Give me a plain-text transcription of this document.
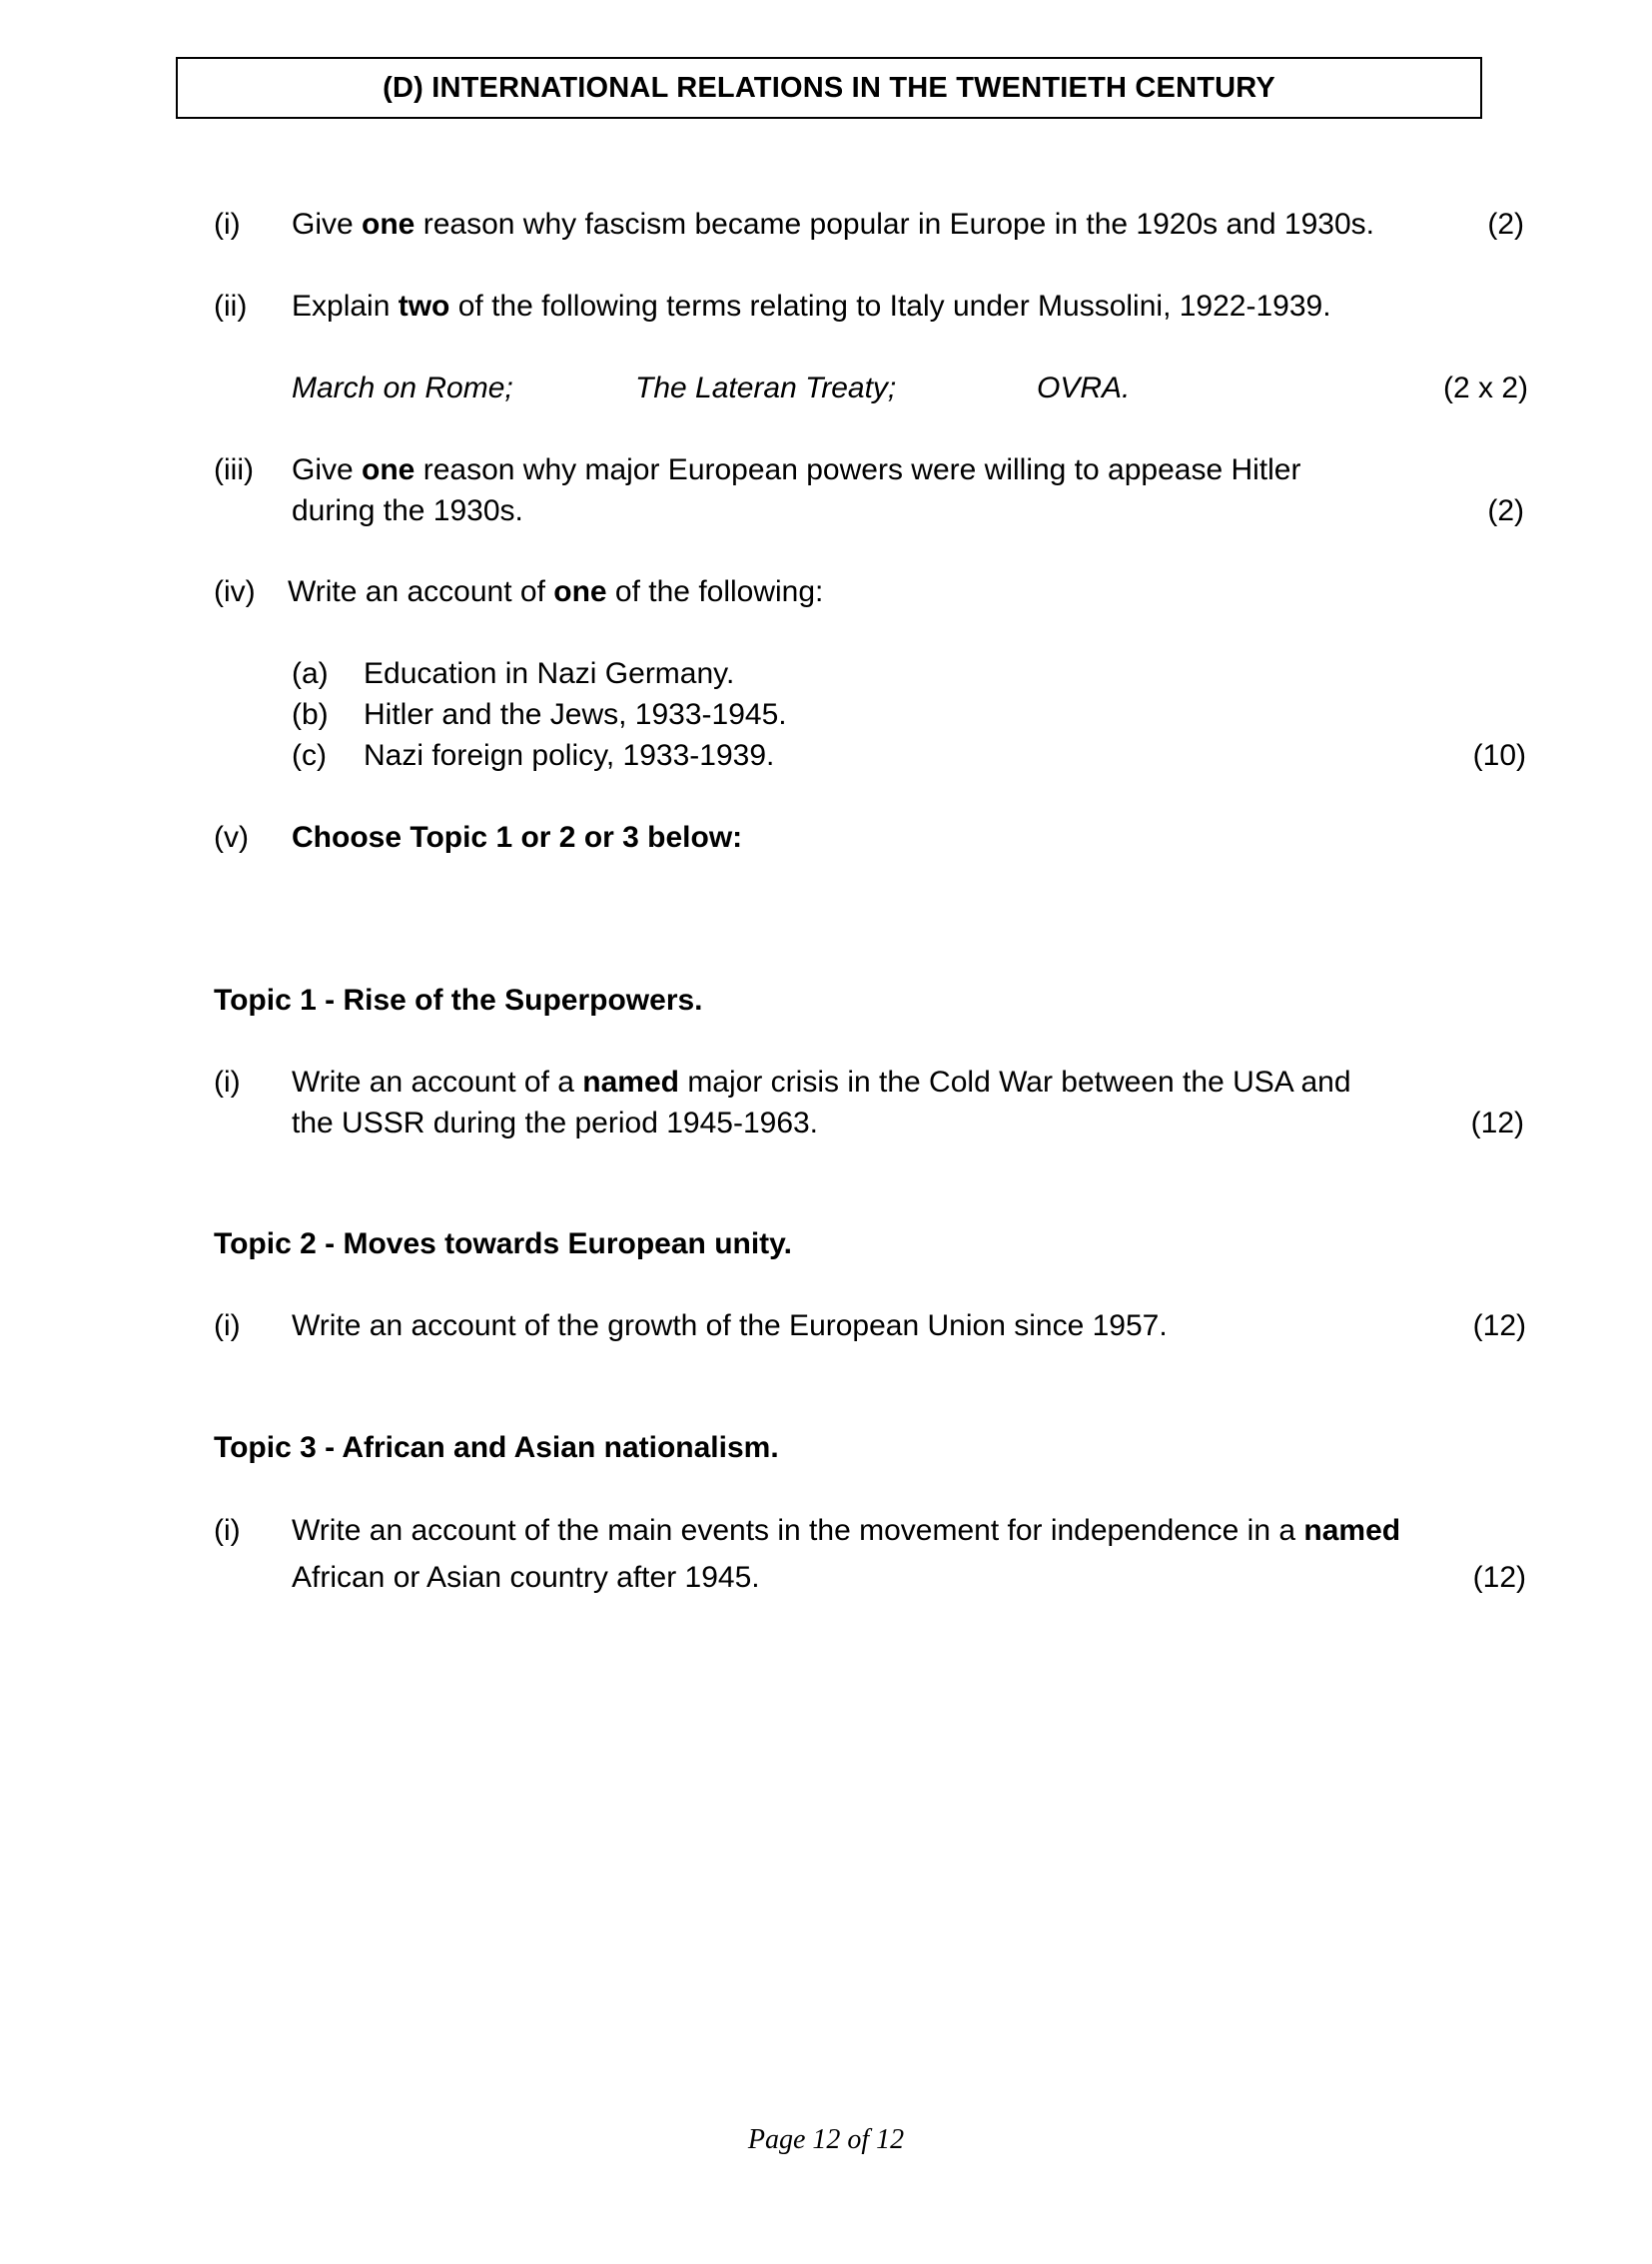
(D) INTERNATIONAL RELATIONS IN THE TWENTIETH CENTURY
(i) Give one reason why fascism became popular in Europe in the 1920s and 1930s.	(2)
(ii) Explain two of the following terms relating to Italy under Mussolini, 1922-1939.
March on Rome;	The Lateran Treaty;	OVRA.	(2 x 2)
(iii) Give one reason why major European powers were willing to appease Hitler
during the 1930s.	(2)
(iv) Write an account of one of the following:
(a) Education in Nazi Germany.
(b) Hitler and the Jews, 1933-1945.
(c) Nazi foreign policy, 1933-1939.	(10)
(v) Choose Topic 1 or 2 or 3 below:
Topic 1 - Rise of the Superpowers.
(i) Write an account of a named major crisis in the Cold War between the USA and
the USSR during the period 1945-1963.	(12)
Topic 2 - Moves towards European unity.
(i) Write an account of the growth of the European Union since 1957.	(12)
Topic 3 - African and Asian nationalism.
(i) Write an account of the main events in the movement for independence in a named
African or Asian country after 1945.	(12)
Page 12 of 12
